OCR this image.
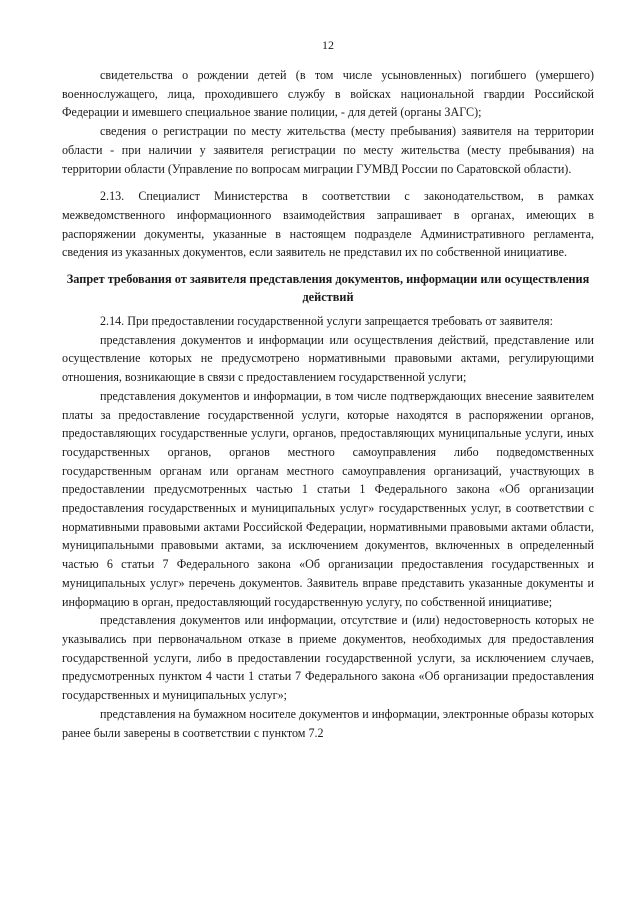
12

свидетельства о рождении детей (в том числе усыновленных) погибшего (умершего) военнослужащего, лица, проходившего службу в войсках национальной гвардии Российской Федерации и имевшего специальное звание полиции, - для детей (органы ЗАГС);

сведения о регистрации по месту жительства (месту пребывания) заявителя на территории области - при наличии у заявителя регистрации по месту жительства (месту пребывания) на территории области (Управление по вопросам миграции ГУМВД России по Саратовской области).

2.13. Специалист Министерства в соответствии с законодательством, в рамках межведомственного информационного взаимодействия запрашивает в органах, имеющих в распоряжении документы, указанные в настоящем подразделе Административного регламента, сведения из указанных документов, если заявитель не представил их по собственной инициативе.

Запрет требования от заявителя представления документов, информации или осуществления действий

2.14. При предоставлении государственной услуги запрещается требовать от заявителя:

представления документов и информации или осуществления действий, представление или осуществление которых не предусмотрено нормативными правовыми актами, регулирующими отношения, возникающие в связи с предоставлением государственной услуги;

представления документов и информации, в том числе подтверждающих внесение заявителем платы за предоставление государственной услуги, которые находятся в распоряжении органов, предоставляющих государственные услуги, органов, предоставляющих муниципальные услуги, иных государственных органов, органов местного самоуправления либо подведомственных государственным органам или органам местного самоуправления организаций, участвующих в предоставлении предусмотренных частью 1 статьи 1 Федерального закона «Об организации предоставления государственных и муниципальных услуг» государственных услуг, в соответствии с нормативными правовыми актами Российской Федерации, нормативными правовыми актами области, муниципальными правовыми актами, за исключением документов, включенных в определенный частью 6 статьи 7 Федерального закона «Об организации предоставления государственных и муниципальных услуг» перечень документов. Заявитель вправе представить указанные документы и информацию в орган, предоставляющий государственную услугу, по собственной инициативе;

представления документов или информации, отсутствие и (или) недостоверность которых не указывались при первоначальном отказе в приеме документов, необходимых для предоставления государственной услуги, либо в предоставлении государственной услуги, за исключением случаев, предусмотренных пунктом 4 части 1 статьи 7 Федерального закона «Об организации предоставления государственных и муниципальных услуг»;

представления на бумажном носителе документов и информации, электронные образы которых ранее были заверены в соответствии с пунктом 7.2
